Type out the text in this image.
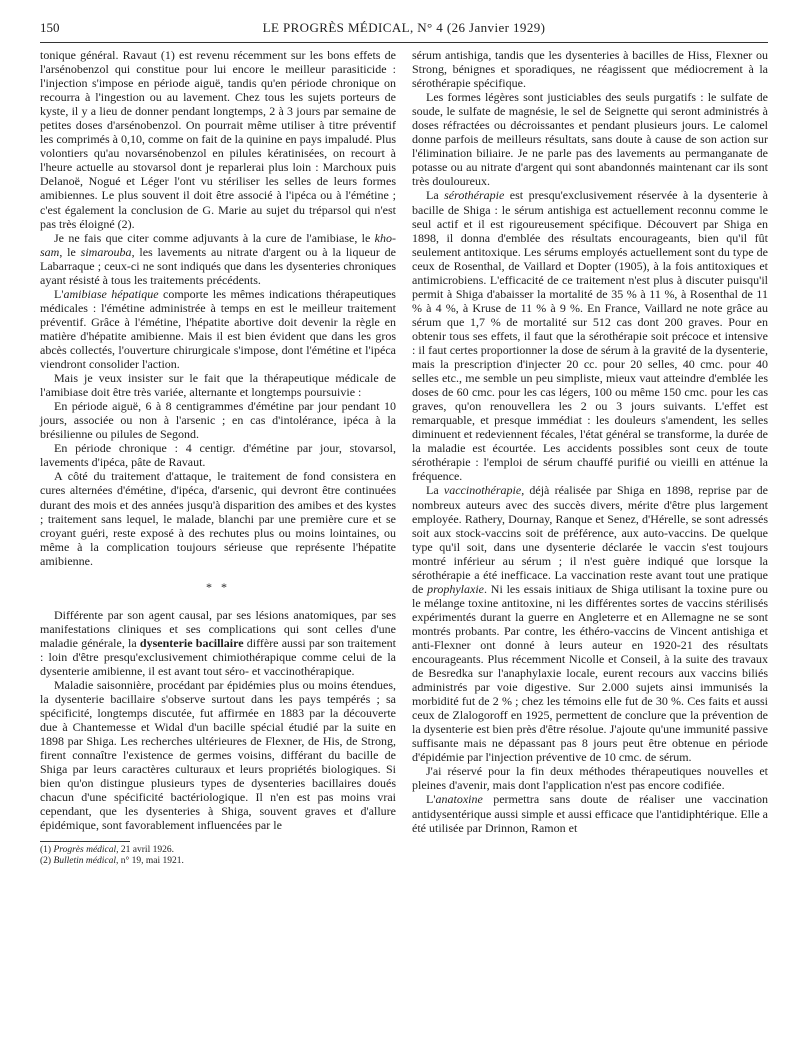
150	LE PROGRÈS MÉDICAL, N° 4 (26 Janvier 1929)

tonique général. Ravaut (1) est revenu récemment sur les bons effets de l'arsénobenzol qui constitue pour lui encore le meilleur parasiticide : l'injection s'impose en période aiguë, tandis qu'en période chronique on recourra à l'ingestion ou au lavement. Chez tous les sujets porteurs de kyste, il y a lieu de donner pendant longtemps, 2 à 3 jours par semaine de petites doses d'arsénobenzol. On pourrait même utiliser à titre préventif les comprimés à 0,10, comme on fait de la quinine en pays impaludé. Plus volontiers qu'au novarsénobenzol en pilules kératinisées, on recourt à l'heure actuelle au stovarsol dont je reparlerai plus loin : Marchoux puis Delanoë, Nogué et Léger l'ont vu stériliser les selles de leurs formes amibiennes. Le plus souvent il doit être associé à l'ipéca ou à l'émétine ; c'est également la conclusion de G. Marie au sujet du tréparsol qui n'est pas très éloigné (2).

Je ne fais que citer comme adjuvants à la cure de l'amibiase, le kho-sam, le simarouba, les lavements au nitrate d'argent ou à la liqueur de Labarraque ; ceux-ci ne sont indiqués que dans les dysenteries chroniques ayant résisté à tous les traitements précédents.

L'amibiase hépatique comporte les mêmes indications thérapeutiques médicales : l'émétine administrée à temps en est le meilleur traitement préventif. Grâce à l'émétine, l'hépatite abortive doit devenir la règle en matière d'hépatite amibienne. Mais il est bien évident que dans les gros abcès collectés, l'ouverture chirurgicale s'impose, dont l'émétine et l'ipéca viendront consolider l'action.

Mais je veux insister sur le fait que la thérapeutique médicale de l'amibiase doit être très variée, alternante et longtemps poursuivie :

En période aiguë, 6 à 8 centigrammes d'émétine par jour pendant 10 jours, associée ou non à l'arsenic ; en cas d'intolérance, ipéca à la brésilienne ou pilules de Segond.

En période chronique : 4 centigr. d'émétine par jour, stovarsol, lavements d'ipéca, pâte de Ravaut.

A côté du traitement d'attaque, le traitement de fond consistera en cures alternées d'émétine, d'ipéca, d'arsenic, qui devront être continuées durant des mois et des années jusqu'à disparition des amibes et des kystes ; traitement sans lequel, le malade, blanchi par une première cure et se croyant guéri, reste exposé à des rechutes plus ou moins lointaines, ou même à la complication toujours sérieuse que représente l'hépatite amibienne.

* *

Différente par son agent causal, par ses lésions anatomiques, par ses manifestations cliniques et ses complications qui sont celles d'une maladie générale, la dysenterie bacillaire diffère aussi par son traitement : loin d'être presqu'exclusivement chimiothérapique comme celui de la dysenterie amibienne, il est avant tout séro- et vaccinothérapique.

Maladie saisonnière, procédant par épidémies plus ou moins étendues, la dysenterie bacillaire s'observe surtout dans les pays tempérés ; sa spécificité, longtemps discutée, fut affirmée en 1883 par la découverte due à Chantemesse et Widal d'un bacille spécial étudié par la suite en 1898 par Shiga. Les recherches ultérieures de Flexner, de His, de Strong, firent connaître l'existence de germes voisins, différant du bacille de Shiga par leurs caractères culturaux et leurs propriétés biologiques. Si bien qu'on distingue plusieurs types de dysenteries bacillaires doués chacun d'une spécificité bactériologique. Il n'en est pas moins vrai cependant, que les dysenteries à Shiga, souvent graves et d'allure épidémique, sont favorablement influencées par le

(1) Progrès médical, 21 avril 1926.

(2) Bulletin médical, n° 19, mai 1921.

sérum antishiga, tandis que les dysenteries à bacilles de Hiss, Flexner ou Strong, bénignes et sporadiques, ne réagissent que médiocrement à la sérothérapie spécifique.

Les formes légères sont justiciables des seuls purgatifs : le sulfate de soude, le sulfate de magnésie, le sel de Seignette qui seront administrés à doses réfractées ou décroissantes et pendant plusieurs jours. Le calomel donne parfois de meilleurs résultats, sans doute à cause de son action sur l'élimination biliaire. Je ne parle pas des lavements au permanganate de potasse ou au nitrate d'argent qui sont abandonnés maintenant car ils sont très douloureux.

La sérothérapie est presqu'exclusivement réservée à la dysenterie à bacille de Shiga : le sérum antishiga est actuellement reconnu comme le seul actif et il est rigoureusement spécifique. Découvert par Shiga en 1898, il donna d'emblée des résultats encourageants, bien qu'il fût seulement antitoxique. Les sérums employés actuellement sont du type de ceux de Rosenthal, de Vaillard et Dopter (1905), à la fois antitoxiques et antimicrobiens. L'efficacité de ce traitement n'est plus à discuter puisqu'il permit à Shiga d'abaisser la mortalité de 35 % à 11 %, à Rosenthal de 11 % à 4 %, à Kruse de 11 % à 9 %. En France, Vaillard ne note grâce au sérum que 1,7 % de mortalité sur 512 cas dont 200 graves. Pour en obtenir tous ses effets, il faut que la sérothérapie soit précoce et intensive : il faut certes proportionner la dose de sérum à la gravité de la dysenterie, mais la prescription d'injecter 20 cc. pour 20 selles, 40 cmc. pour 40 selles etc., me semble un peu simpliste, mieux vaut atteindre d'emblée les doses de 60 cmc. pour les cas légers, 100 ou même 150 cmc. pour les cas graves, qu'on renouvellera les 2 ou 3 jours suivants. L'effet est remarquable, et presque immédiat : les douleurs s'amendent, les selles diminuent et redeviennent fécales, l'état général se transforme, la durée de la maladie est écourtée. Les accidents possibles sont ceux de toute sérothérapie : l'emploi de sérum chauffé purifié ou vieilli en atténue la fréquence.

La vaccinothérapie, déjà réalisée par Shiga en 1898, reprise par de nombreux auteurs avec des succès divers, mérite d'être plus largement employée. Rathery, Dournay, Ranque et Senez, d'Hérelle, se sont adressés soit aux stock-vaccins soit de préférence, aux auto-vaccins. De quelque type qu'il soit, dans une dysenterie déclarée le vaccin s'est toujours montré inférieur au sérum ; il n'est guère indiqué que lorsque la sérothérapie a été inefficace. La vaccination reste avant tout une pratique de prophylaxie. Ni les essais initiaux de Shiga utilisant la toxine pure ou le mélange toxine antitoxine, ni les différentes sortes de vaccins stérilisés expérimentés durant la guerre en Angleterre et en Allemagne ne se sont montrés probants. Par contre, les éthéro-vaccins de Vincent antishiga et anti-Flexner ont donné à leurs auteur en 1920-21 des résultats encourageants. Plus récemment Nicolle et Conseil, à la suite des travaux de Besredka sur l'anaphylaxie locale, eurent recours aux vaccins biliés administrés par voie digestive. Sur 2.000 sujets ainsi immunisés la morbidité fut de 2 % ; chez les témoins elle fut de 30 %. Ces faits et aussi ceux de Zlalogoroff en 1925, permettent de conclure que la prévention de la dysenterie est bien près d'être résolue. J'ajoute qu'une immunité passive suffisante mais ne dépassant pas 8 jours peut être obtenue en période d'épidémie par l'injection préventive de 10 cmc. de sérum.

J'ai réservé pour la fin deux méthodes thérapeutiques nouvelles et pleines d'avenir, mais dont l'application n'est pas encore codifiée.

L'anatoxine permettra sans doute de réaliser une vaccination antidysentérique aussi simple et aussi efficace que l'antidiphtérique. Elle a été utilisée par Drinnon, Ramon et
